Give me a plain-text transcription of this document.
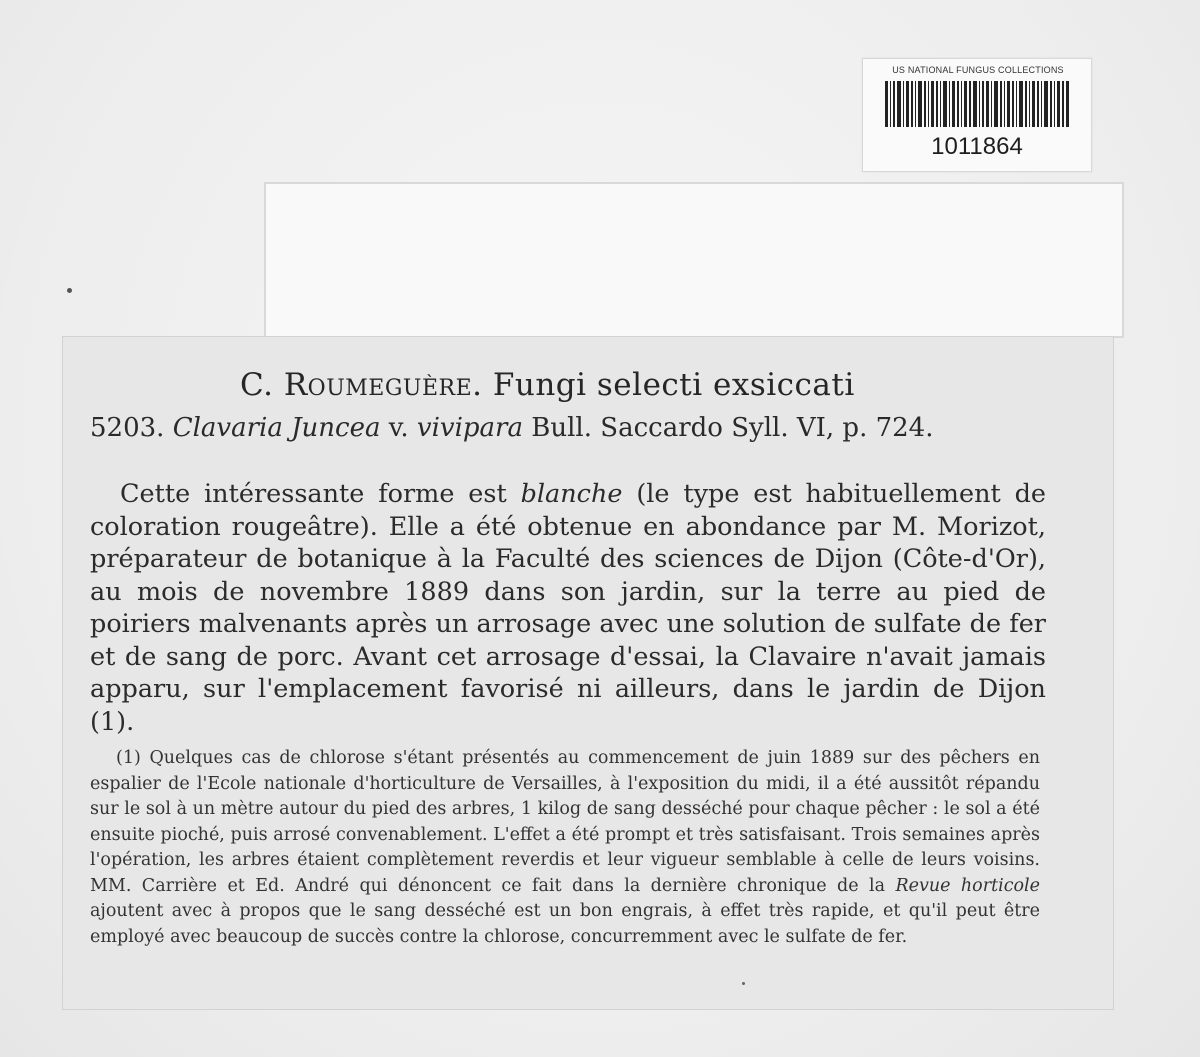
US NATIONAL FUNGUS COLLECTIONS
1011864
C. Roumeguère. Fungi selecti exsiccati
5203. Clavaria Juncea v. vivipara Bull. Saccardo Syll. VI, p. 724.
Cette intéressante forme est blanche (le type est habituellement de coloration rougeâtre). Elle a été obtenue en abondance par M. Morizot, préparateur de botanique à la Faculté des sciences de Dijon (Côte-d'Or), au mois de novembre 1889 dans son jardin, sur la terre au pied de poiriers malvenants après un arrosage avec une solution de sulfate de fer et de sang de porc. Avant cet arrosage d'essai, la Clavaire n'avait jamais apparu, sur l'emplacement favorisé ni ailleurs, dans le jardin de Dijon (1).
(1) Quelques cas de chlorose s'étant présentés au commencement de juin 1889 sur des pêchers en espalier de l'Ecole nationale d'horticulture de Versailles, à l'exposition du midi, il a été aussitôt répandu sur le sol à un mètre autour du pied des arbres, 1 kilog de sang desséché pour chaque pêcher : le sol a été ensuite pioché, puis arrosé convenablement. L'effet a été prompt et très satisfaisant. Trois semaines après l'opération, les arbres étaient complètement reverdis et leur vigueur semblable à celle de leurs voisins. MM. Carrière et Ed. André qui dénoncent ce fait dans la dernière chronique de la Revue horticole ajoutent avec à propos que le sang desséché est un bon engrais, à effet très rapide, et qu'il peut être employé avec beaucoup de succès contre la chlorose, concurremment avec le sulfate de fer.
